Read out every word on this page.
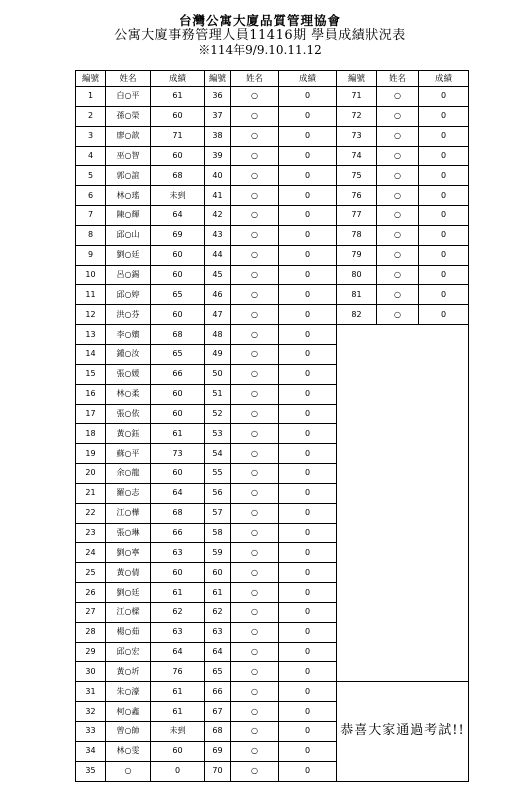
台灣公寓大廈品質管理協會
公寓大廈事務管理人員11416期 學員成績狀況表
※114年9/9.10.11.12
編號	姓名	成績	編號	姓名	成績	編號	姓名	成績
1	白○平	61	36	○	0	71	○	0
2	孫○榮	60	37	○	0	72	○	0
3	廖○歆	71	38	○	0	73	○	0
4	巫○智	60	39	○	0	74	○	0
5	郭○誼	68	40	○	0	75	○	0
6	林○瑤	未到	41	○	0	76	○	0
7	陳○輝	64	42	○	0	77	○	0
8	邱○山	69	43	○	0	78	○	0
9	劉○廷	60	44	○	0	79	○	0
10	呂○錫	60	45	○	0	80	○	0
11	邱○婷	65	46	○	0	81	○	0
12	洪○芬	60	47	○	0	82	○	0
13	李○嬪	68	48	○	0			
14	鍾○汝	65	49	○	0			
15	張○媛	66	50	○	0			
16	林○柔	60	51	○	0			
17	張○依	60	52	○	0			
18	黃○鈺	61	53	○	0			
19	蘇○平	73	54	○	0			
20	余○龍	60	55	○	0			
21	羅○志	64	56	○	0			
22	江○樺	68	57	○	0			
23	張○琳	66	58	○	0			
24	劉○寧	63	59	○	0			
25	黃○倩	60	60	○	0			
26	劉○廷	61	61	○	0			
27	江○樑	62	62	○	0			
28	楊○茹	63	63	○	0			
29	邱○宏	64	64	○	0			
30	黃○圻	76	65	○	0			
31	朱○濠	61	66	○	0	恭喜大家通過考試!!		
32	柯○鑫	61	67	○	0			
33	曾○帥	未到	68	○	0			
34	林○雯	60	69	○	0			
35	○	0	70	○	0			
